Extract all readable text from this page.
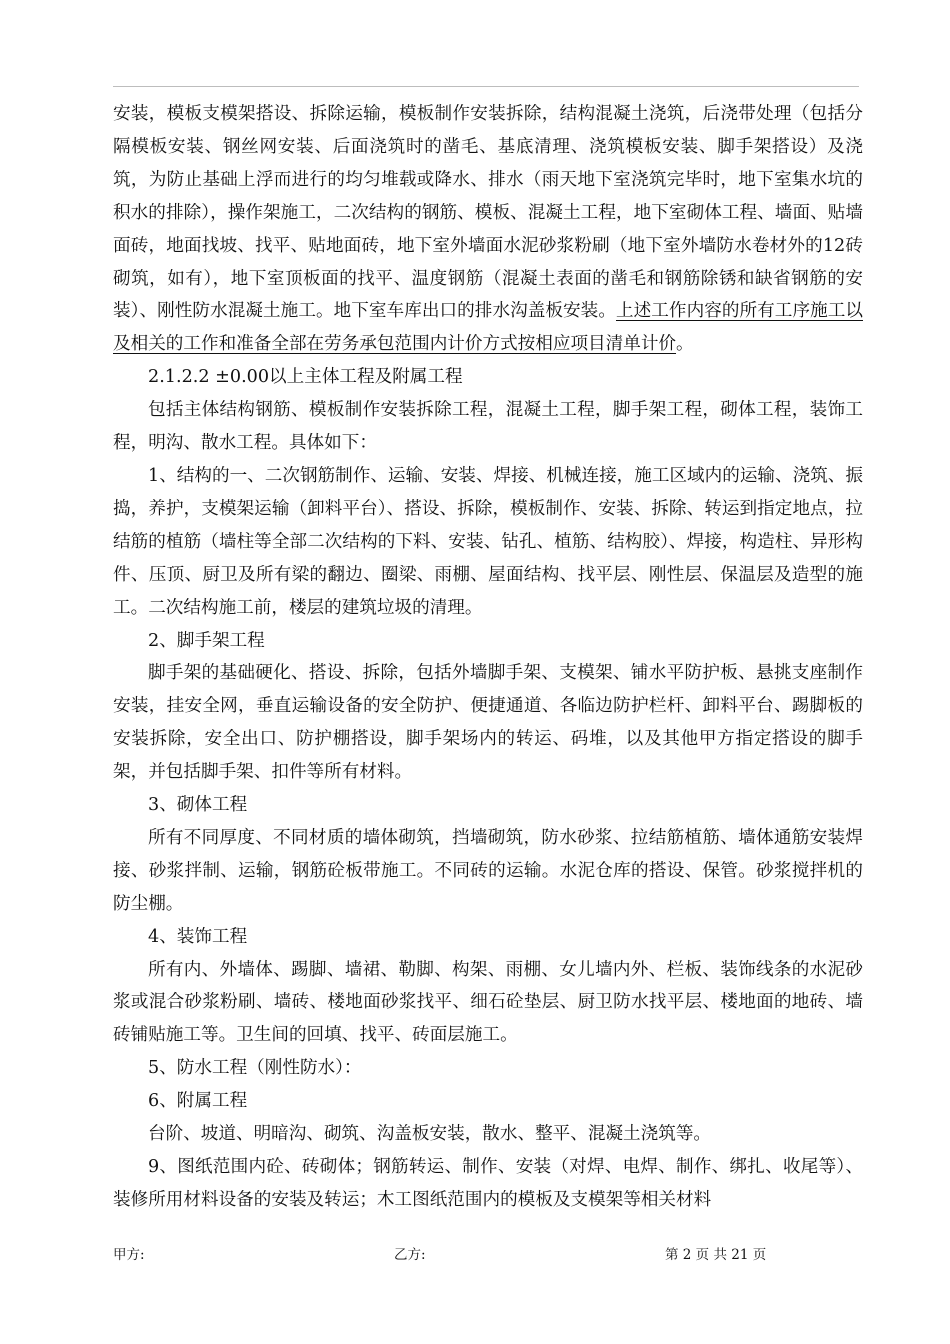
安装，模板支模架搭设、拆除运输，模板制作安装拆除，结构混凝土浇筑，后浇带处理（包括分隔模板安装、钢丝网安装、后面浇筑时的凿毛、基底清理、浇筑模板安装、脚手架搭设）及浇筑，为防止基础上浮而进行的均匀堆载或降水、排水（雨天地下室浇筑完毕时，地下室集水坑的积水的排除），操作架施工，二次结构的钢筋、模板、混凝土工程，地下室砌体工程、墙面、贴墙面砖，地面找坡、找平、贴地面砖，地下室外墙面水泥砂浆粉刷（地下室外墙防水卷材外的12砖砌筑，如有），地下室顶板面的找平、温度钢筋（混凝土表面的凿毛和钢筋除锈和缺省钢筋的安装）、刚性防水混凝土施工。地下室车库出口的排水沟盖板安装。上述工作内容的所有工序施工以及相关的工作和准备全部在劳务承包范围内计价方式按相应项目清单计价。

2.1.2.2 ±0.00以上主体工程及附属工程

包括主体结构钢筋、模板制作安装拆除工程，混凝土工程，脚手架工程，砌体工程，装饰工程，明沟、散水工程。具体如下：

1、结构的一、二次钢筋制作、运输、安装、焊接、机械连接，施工区域内的运输、浇筑、振捣，养护，支模架运输（卸料平台）、搭设、拆除，模板制作、安装、拆除、转运到指定地点，拉结筋的植筋（墙柱等全部二次结构的下料、安装、钻孔、植筋、结构胶）、焊接，构造柱、异形构件、压顶、厨卫及所有梁的翻边、圈梁、雨棚、屋面结构、找平层、刚性层、保温层及造型的施工。二次结构施工前，楼层的建筑垃圾的清理。

2、脚手架工程

脚手架的基础硬化、搭设、拆除，包括外墙脚手架、支模架、铺水平防护板、悬挑支座制作安装，挂安全网，垂直运输设备的安全防护、便捷通道、各临边防护栏杆、卸料平台、踢脚板的安装拆除，安全出口、防护棚搭设，脚手架场内的转运、码堆，以及其他甲方指定搭设的脚手架，并包括脚手架、扣件等所有材料。

3、砌体工程

所有不同厚度、不同材质的墙体砌筑，挡墙砌筑，防水砂浆、拉结筋植筋、墙体通筋安装焊接、砂浆拌制、运输，钢筋砼板带施工。不同砖的运输。水泥仓库的搭设、保管。砂浆搅拌机的防尘棚。

4、装饰工程

所有内、外墙体、踢脚、墙裙、勒脚、构架、雨棚、女儿墙内外、栏板、装饰线条的水泥砂浆或混合砂浆粉刷、墙砖、楼地面砂浆找平、细石砼垫层、厨卫防水找平层、楼地面的地砖、墙砖铺贴施工等。卫生间的回填、找平、砖面层施工。

5、防水工程（刚性防水）：

6、附属工程

台阶、坡道、明暗沟、砌筑、沟盖板安装，散水、整平、混凝土浇筑等。

9、图纸范围内砼、砖砌体；钢筋转运、制作、安装（对焊、电焊、制作、绑扎、收尾等）、装修所用材料设备的安装及转运；木工图纸范围内的模板及支模架等相关材料

甲方:	乙方:	第 2 页 共 21 页
